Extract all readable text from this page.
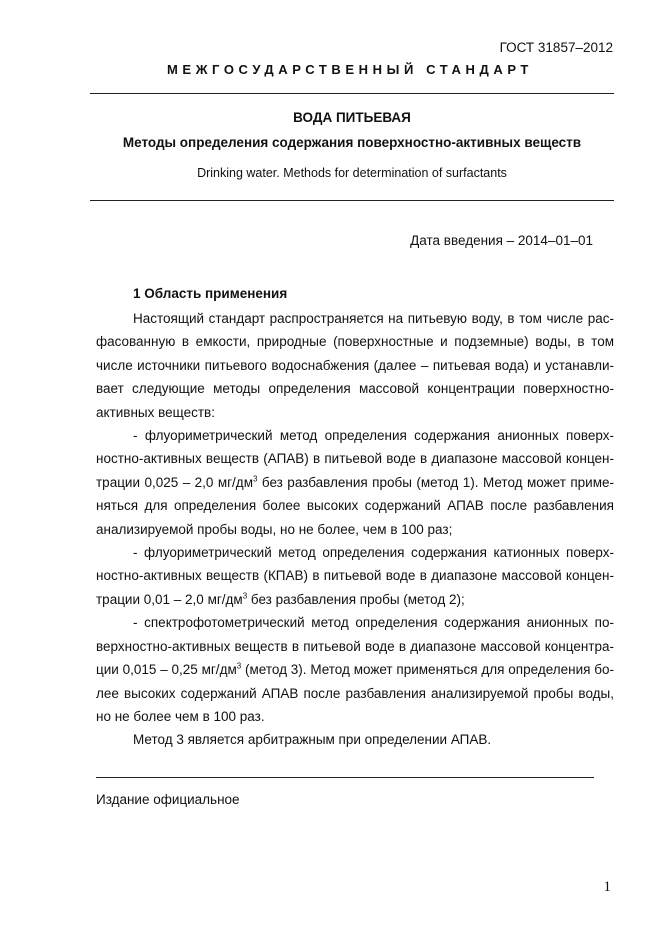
ГОСТ 31857–2012
МЕЖГОСУДАРСТВЕННЫЙ СТАНДАРТ
ВОДА ПИТЬЕВАЯ
Методы определения содержания поверхностно-активных веществ
Drinking water. Methods for determination of surfactants
Дата введения – 2014–01–01
1 Область применения

Настоящий стандарт распространяется на питьевую воду, в том числе расфасованную в емкости, природные (поверхностные и подземные) воды, в том числе источники питьевого водоснабжения (далее – питьевая вода) и устанавливает следующие методы определения массовой концентрации поверхностно-активных веществ:

- флуориметрический метод определения содержания анионных поверхностно-активных веществ (АПАВ) в питьевой воде в диапазоне массовой концентрации 0,025 – 2,0 $мг/дм^3$ без разбавления пробы (метод 1). Метод может применяться для определения более высоких содержаний АПАВ после разбавления анализируемой пробы воды, но не более, чем в 100 раз;

- флуориметрический метод определения содержания катионных поверхностно-активных веществ (КПАВ) в питьевой воде в диапазоне массовой концентрации 0,01 – 2,0 $мг/дм^3$ без разбавления пробы (метод 2);

- спектрофотометрический метод определения содержания анионных поверхностно-активных веществ в питьевой воде в диапазоне массовой концентрации 0,015 – 0,25 $мг/дм^3$ (метод 3). Метод может применяться для определения более высоких содержаний АПАВ после разбавления анализируемой пробы воды, но не более чем в 100 раз.

Метод 3 является арбитражным при определении АПАВ.

Издание официальное
1
